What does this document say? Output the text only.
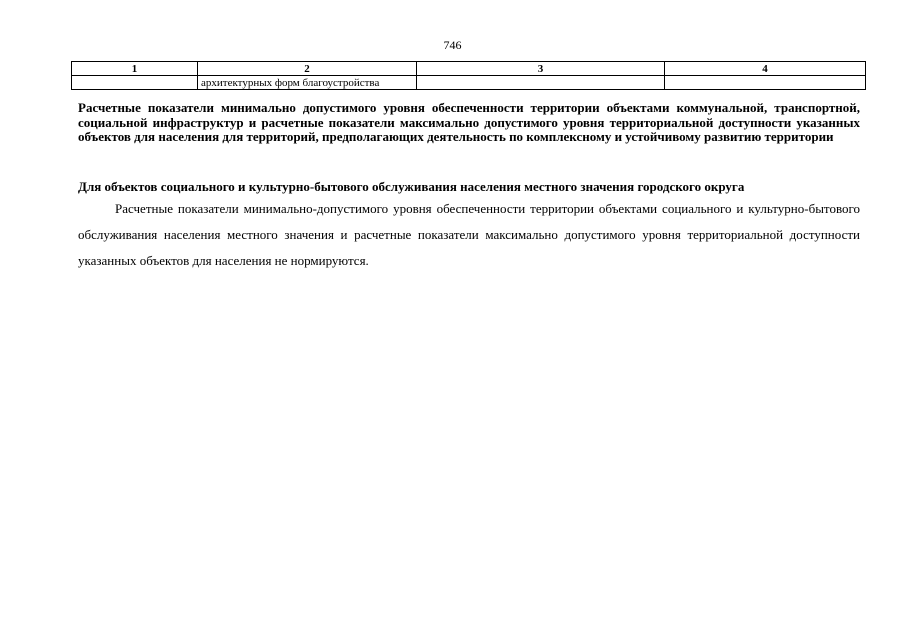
746
1	2	3	4
	архитектурных форм благоустройства		

Расчетные показатели минимально допустимого уровня обеспеченности территории объектами коммунальной, транспортной, социальной инфраструктур и расчетные показатели максимально допустимого уровня территориальной доступности указанных объектов для населения для территорий, предполагающих деятельность по комплексному и устойчивому развитию территории

Для объектов социального и культурно-бытового обслуживания населения местного значения городского округа

Расчетные показатели минимально-допустимого уровня обеспеченности территории объектами социального и культурно-бытового обслуживания населения местного значения и расчетные показатели максимально допустимого уровня территориальной доступности указанных объектов для населения не нормируются.
